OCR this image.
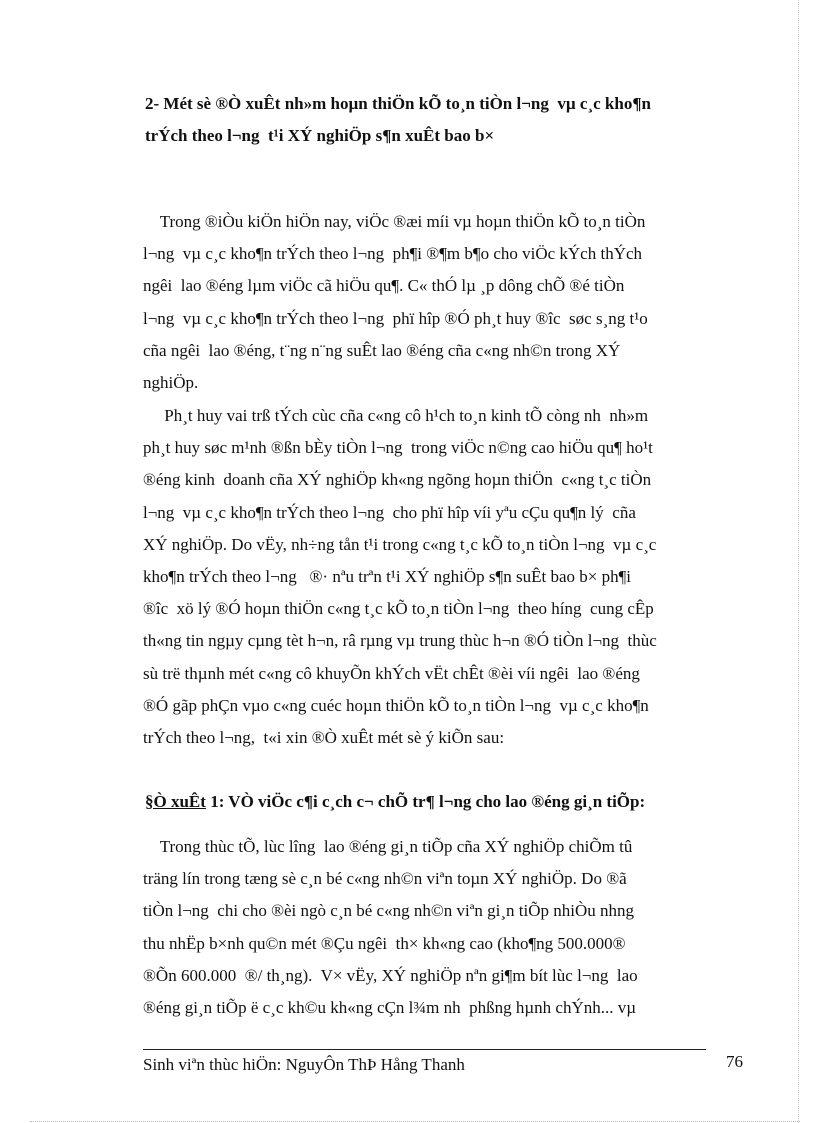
2- Mét sè ®Ò xuÊt nh»m hoµn thiÖn kÕ to¸n tiÒn l¬ng  vµ c¸c kho¶n
trÝch theo l¬ng  t¹i XÝ nghiÖp s¶n xuÊt bao b×
Trong ®iÒu kiÖn hiÖn nay, viÖc ®æi míi vµ hoµn thiÖn kÕ to¸n tiÒn
l¬ng  vµ c¸c kho¶n trÝch theo l¬ng  ph¶i ®¶m b¶o cho viÖc kÝch thÝch
ngêi  lao ®éng lµm viÖc cã hiÖu qu¶. C« thÓ lµ ¸p dông chÕ ®é tiÒn
l¬ng  vµ c¸c kho¶n trÝch theo l¬ng  phï hîp ®Ó ph¸t huy ®îc  søc s¸ng t¹o
cña ngêi  lao ®éng, t¨ng n¨ng suÊt lao ®éng cña c«ng nh©n trong XÝ
nghiÖp.
Ph¸t huy vai trß tÝch cùc cña c«ng cô h¹ch to¸n kinh tÕ còng nh  nh»m
ph¸t huy søc m¹nh ®ßn bÈy tiÒn l¬ng  trong viÖc n©ng cao hiÖu qu¶ ho¹t
®éng kinh  doanh cña XÝ nghiÖp kh«ng ngõng hoµn thiÖn  c«ng t¸c tiÒn
l¬ng  vµ c¸c kho¶n trÝch theo l¬ng  cho phï hîp víi yªu cÇu qu¶n lý  cña
XÝ nghiÖp. Do vËy, nh÷ng tån t¹i trong c«ng t¸c kÕ to¸n tiÒn l¬ng  vµ c¸c
kho¶n trÝch theo l¬ng   ®· nªu trªn t¹i XÝ nghiÖp s¶n suÊt bao b× ph¶i
®îc  xö lý ®Ó hoµn thiÖn c«ng t¸c kÕ to¸n tiÒn l¬ng  theo híng  cung cÊp
th«ng tin ngµy cµng tèt h¬n, râ rµng vµ trung thùc h¬n ®Ó tiÒn l¬ng  thùc
sù trë thµnh mét c«ng cô khuyÕn khÝch vËt chÊt ®èi víi ngêi  lao ®éng
®Ó gãp phÇn vµo c«ng cuéc hoµn thiÖn kÕ to¸n tiÒn l¬ng  vµ c¸c kho¶n
trÝch theo l¬ng,  t«i xin ®Ò xuÊt mét sè ý kiÕn sau:
§Ò xuÊt 1: VÒ viÖc c¶i c¸ch c¬ chÕ tr¶ l¬ng cho lao ®éng gi¸n tiÕp:
Trong thùc tÕ, lùc lîng  lao ®éng gi¸n tiÕp cña XÝ nghiÖp chiÕm tû
träng lín trong tæng sè c¸n bé c«ng nh©n viªn toµn XÝ nghiÖp. Do ®ã
tiÒn l¬ng  chi cho ®èi ngò c¸n bé c«ng nh©n viªn gi¸n tiÕp nhiÒu nhng
thu nhËp b×nh qu©n mét ®Çu ngêi  th× kh«ng cao (kho¶ng 500.000®
®Õn 600.000  ®/ th¸ng).  V× vËy, XÝ nghiÖp nªn gi¶m bít lùc l¬ng  lao
®éng gi¸n tiÕp ë c¸c kh©u kh«ng cÇn l¾m nh  phßng hµnh chÝnh... vµ
Sinh viªn thùc hiÖn: NguyÔn ThÞ Hång Thanh	76
